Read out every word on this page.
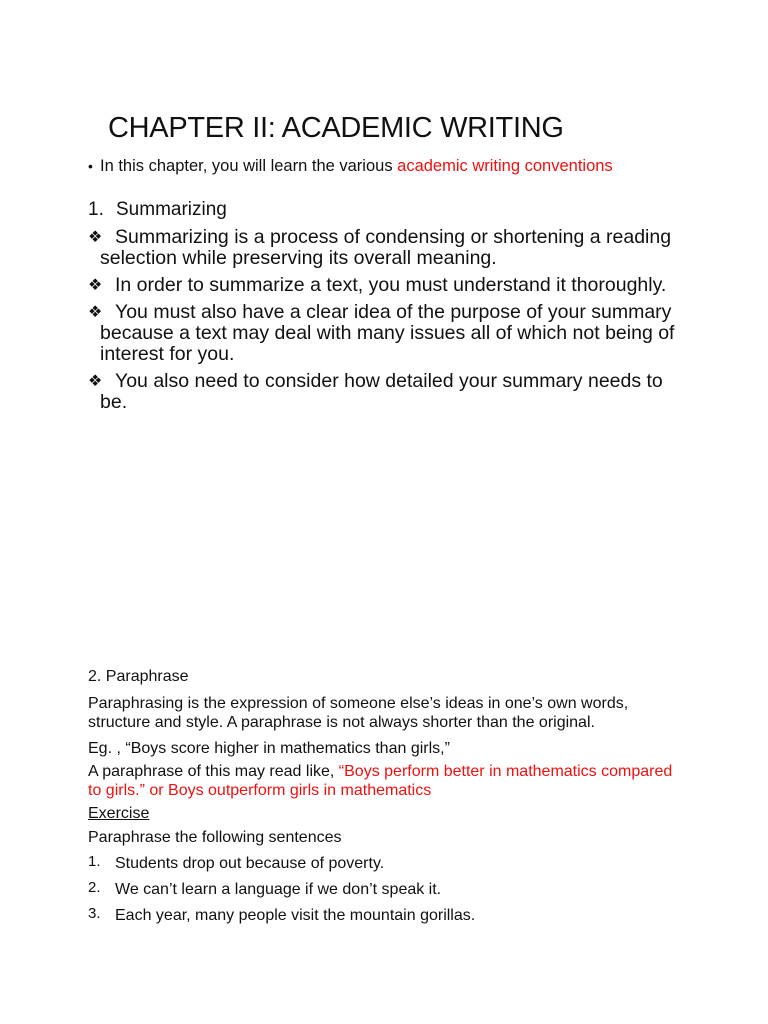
CHAPTER II: ACADEMIC WRITING
• In this chapter, you will learn the various academic writing conventions
1. Summarizing
❖ Summarizing is a process of condensing or shortening a reading selection while preserving its overall meaning.
❖ In order to summarize a text, you must understand it thoroughly.
❖ You must also have a clear idea of the purpose of your summary because a text may deal with many issues all of which not being of interest for you.
❖ You also need to consider how detailed your summary needs to be.

2. Paraphrase

Paraphrasing is the expression of someone else’s ideas in one’s own words, structure and style. A paraphrase is not always shorter than the original.

Eg. , “Boys score higher in mathematics than girls,”

A paraphrase of this may read like, “Boys perform better in mathematics compared to girls.” or Boys outperform girls in mathematics

Exercise

Paraphrase the following sentences

1. Students drop out because of poverty.
2. We can’t learn a language if we don’t speak it.
3. Each year, many people visit the mountain gorillas.
